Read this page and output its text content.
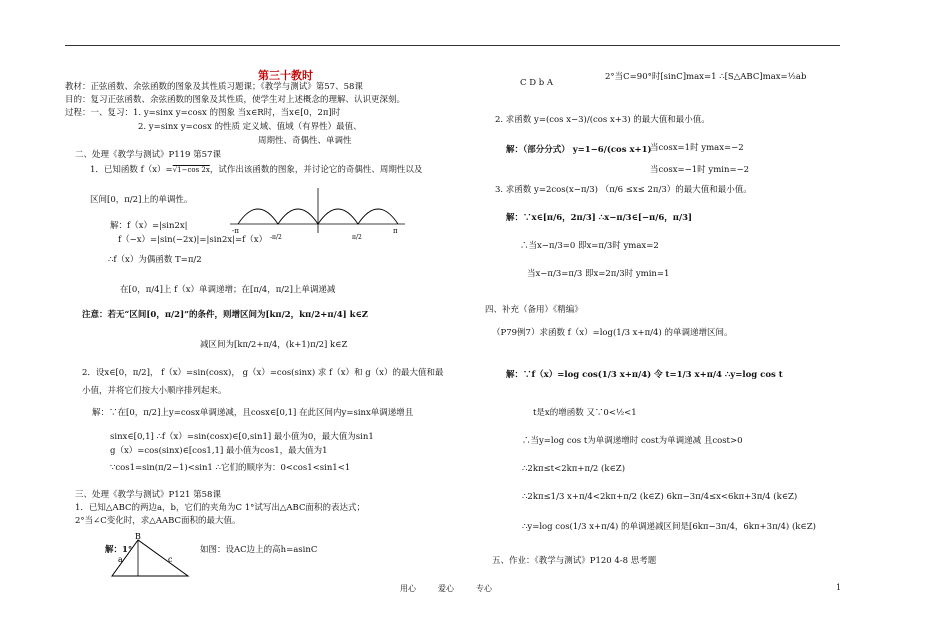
第三十教时
教材：正弦函数、余弦函数的图象及其性质习题课；《教学与测试》第57、58课
目的：复习正弦函数、余弦函数的图象及其性质，使学生对上述概念的理解、认识更深刻。
过程：一、复习：1. y=sinx y=cosx 的图象 当x∈R时，当x∈[0，2π]时
2. y=sinx y=cosx 的性质 定义域、值域（有界性）最值、
周期性、奇偶性、单调性
二、处理《教学与测试》P119 第57课
1．已知函数 f（x）=√1−cos 2x，试作出该函数的图象，并讨论它的奇偶性、周期性以及
区间[0，π/2]上的单调性。
解：f（x）=|sin2x|
f（−x）=|sin(−2x)|=|sin2x|=f（x）
∴f（x）为偶函数 T=π/2
在[0，π/4]上 f（x）单调递增；在[π/4，π/2]上单调递减
注意：若无“区间[0，π/2]”的条件，则增区间为[kπ/2，kπ/2+π/4] k∈Z
减区间为[kπ/2+π/4，(k+1)π/2] k∈Z
2．设x∈[0，π/2]， f（x）=sin(cosx)， g（x）=cos(sinx) 求 f（x）和 g（x）的最大值和最
小值，并将它们按大小顺序排列起来。
解：∵在[0，π/2]上y=cosx单调递减，且cosx∈[0,1] 在此区间内y=sinx单调递增且
sinx∈[0,1] ∴f（x）=sin(cosx)∈[0,sin1] 最小值为0，最大值为sin1
g（x）=cos(sinx)∈[cos1,1] 最小值为cos1，最大值为1
∵cos1=sin(π/2−1)<sin1 ∴它们的顺序为：0<cos1<sin1<1
三、处理《教学与测试》P121 第58课
1．已知△ABC的两边a，b，它们的夹角为C 1°试写出△ABC面积的表达式；
2°当∠C变化时，求△AABC面积的最大值。
解：1°	如图：设AC边上的高h=asinC
-π	π
-π/2	π/2
B
a	c
C D b A
2°当C=90°时[sinC]max=1 ∴[S△ABC]max=½ab
2. 求函数 y=(cos x−3)/(cos x+3) 的最大值和最小值。
解：（部分分式） y=1−6/(cos x+1)
当cosx=1时 ymax=−2
当cosx=−1时 ymin=−2
3. 求函数 y=2cos(x−π/3) （π/6 ≤x≤ 2π/3）的最大值和最小值。
解：∵x∈[π/6，2π/3] ∴x−π/3∈[−π/6，π/3]
∴当x−π/3=0 即x=π/3时 ymax=2
当x−π/3=π/3 即x=2π/3时 ymin=1
四、补充（备用）《精编》
（P79例7）求函数 f（x）=log(1/3 x+π/4) 的单调递增区间。
解：∵f（x）=log cos(1/3 x+π/4) 令 t=1/3 x+π/4 ∴y=log cos t
t是x的增函数 又∵0<½<1
∴当y=log cos t为单调递增时 cost为单调递减 且cost>0
∴2kπ≤t<2kπ+π/2 (k∈Z)
∴2kπ≤1/3 x+π/4<2kπ+π/2 (k∈Z) 6kπ−3π/4≤x<6kπ+3π/4 (k∈Z)
∴y=log cos(1/3 x+π/4) 的单调递减区间是[6kπ−3π/4，6kπ+3π/4) (k∈Z)
五、作业：《教学与测试》P120 4-8 思考题
用心	爱心	专心	1
